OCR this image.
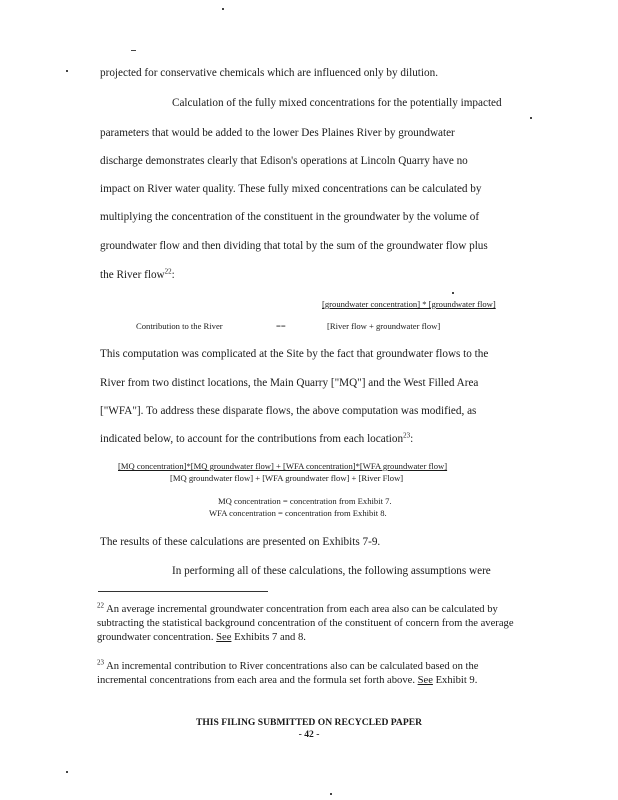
projected for conservative chemicals which are influenced only by dilution.
Calculation of the fully mixed concentrations for the potentially impacted
parameters that would be added to the lower Des Plaines River by groundwater
discharge demonstrates clearly that Edison's operations at Lincoln Quarry have no
impact on River water quality. These fully mixed concentrations can be calculated by
multiplying the concentration of the constituent in the groundwater by the volume of
groundwater flow and then dividing that total by the sum of the groundwater flow plus
the River flow$^{22}$:
[groundwater concentration] * [groundwater flow]
Contribution to the River	==	[River flow + groundwater flow]
This computation was complicated at the Site by the fact that groundwater flows to the
River from two distinct locations, the Main Quarry ["MQ"] and the West Filled Area
["WFA"]. To address these disparate flows, the above computation was modified, as
indicated below, to account for the contributions from each location$^{23}$:
[MQ concentration]*[MQ groundwater flow] + [WFA concentration]*[WFA groundwater flow]
[MQ groundwater flow] + [WFA groundwater flow] + [River Flow]
MQ concentration = concentration from Exhibit 7.
WFA concentration = concentration from Exhibit 8.
The results of these calculations are presented on Exhibits 7-9.
In performing all of these calculations, the following assumptions were
$^{22}$ An average incremental groundwater concentration from each area also can be calculated by subtracting the statistical background concentration of the constituent of concern from the average groundwater concentration. See Exhibits 7 and 8.
$^{23}$ An incremental contribution to River concentrations also can be calculated based on the incremental concentrations from each area and the formula set forth above. See Exhibit 9.
THIS FILING SUBMITTED ON RECYCLED PAPER
- 42 -
